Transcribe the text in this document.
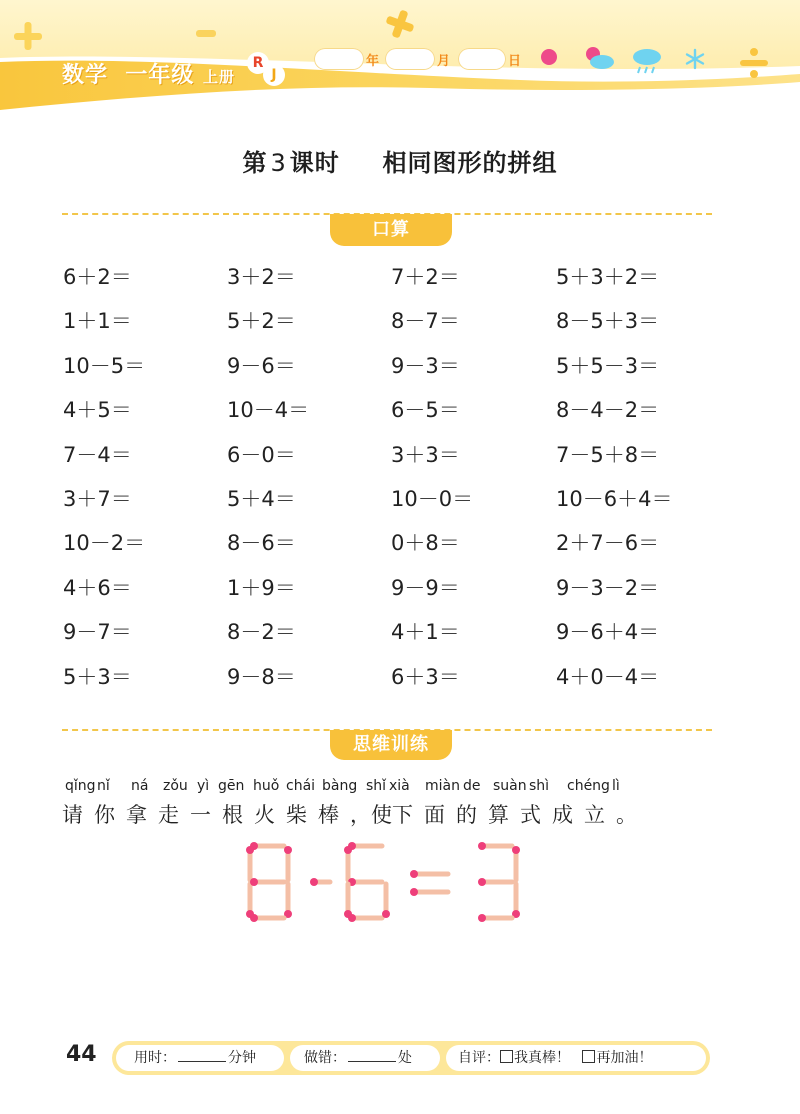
数学 一年级 上册
R
J
年	月	日
第 3 课时 相同图形的拼组
口算
6＋2＝	3＋2＝	7＋2＝	5＋3＋2＝
1＋1＝	5＋2＝	8－7＝	8－5＋3＝
10－5＝	9－6＝	9－3＝	5＋5－3＝
4＋5＝	10－4＝	6－5＝	8－4－2＝
7－4＝	6－0＝	3＋3＝	7－5＋8＝
3＋7＝	5＋4＝	10－0＝	10－6＋4＝
10－2＝	8－6＝	0＋8＝	2＋7－6＝
4＋6＝	1＋9＝	9－9＝	9－3－2＝
9－7＝	8－2＝	4＋1＝	9－6＋4＝
5＋3＝	9－8＝	6＋3＝	4＋0－4＝
思维训练
qǐng nǐ ná zǒu yì gēn huǒ chái bàng shǐ xià miàn de suàn shì chéng lì
请 你 拿 走 一 根 火 柴 棒 ，使 下 面 的 算 式 成 立 。
44	用时：	分钟	做错：	处	自评： 我真棒！ 再加油！
